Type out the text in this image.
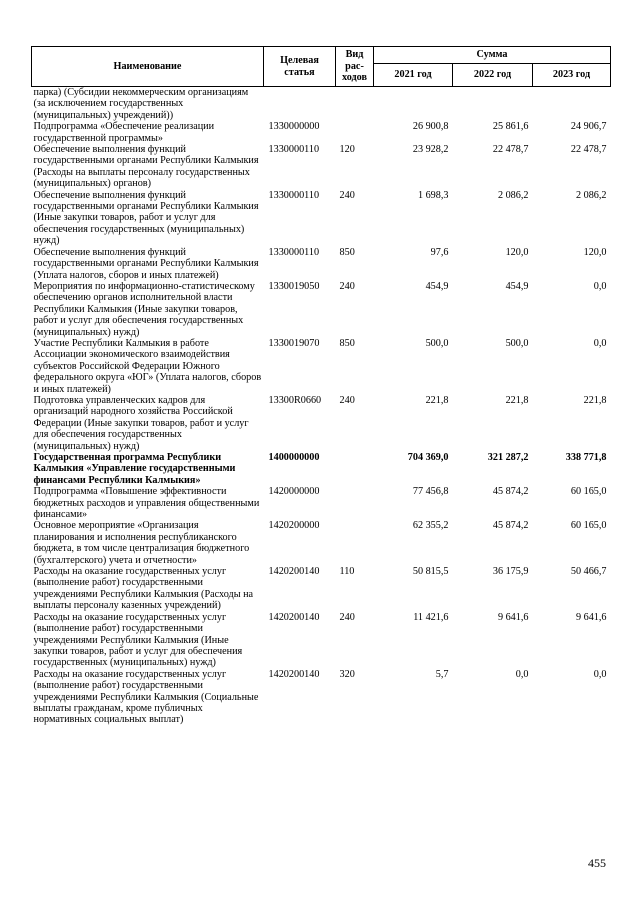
Наименование	Целевая статья	Вид рас-ходов	Сумма		
			2021 год	2022 год	2023 год
парка) (Субсидии некоммерческим организациям (за исключением государственных (муниципальных) учреждений))					
Подпрограмма «Обеспечение реализации государственной программы»	1330000000		26 900,8	25 861,6	24 906,7
Обеспечение выполнения функций государственными органами Республики Калмыкия (Расходы на выплаты персоналу государственных (муниципальных) органов)	1330000110	120	23 928,2	22 478,7	22 478,7
Обеспечение выполнения функций государственными органами Республики Калмыкия (Иные закупки товаров, работ и услуг для обеспечения государственных (муниципальных) нужд)	1330000110	240	1 698,3	2 086,2	2 086,2
Обеспечение выполнения функций государственными органами Республики Калмыкия (Уплата налогов, сборов и иных платежей)	1330000110	850	97,6	120,0	120,0
Мероприятия по информационно-статистическому обеспечению органов исполнительной власти Республики Калмыкия (Иные закупки товаров, работ и услуг для обеспечения государственных (муниципальных) нужд)	1330019050	240	454,9	454,9	0,0
Участие Республики Калмыкия в работе Ассоциации экономического взаимодействия субъектов Российской Федерации Южного федерального округа «ЮГ» (Уплата налогов, сборов и иных платежей)	1330019070	850	500,0	500,0	0,0
Подготовка управленческих кадров для организаций народного хозяйства Российской Федерации (Иные закупки товаров, работ и услуг для обеспечения государственных (муниципальных) нужд)	13300R0660	240	221,8	221,8	221,8
Государственная программа Республики Калмыкия «Управление государственными финансами Республики Калмыкия»	1400000000		704 369,0	321 287,2	338 771,8
Подпрограмма «Повышение эффективности бюджетных расходов и управления общественными финансами»	1420000000		77 456,8	45 874,2	60 165,0
Основное мероприятие «Организация планирования и исполнения республиканского бюджета, в том числе централизация бюджетного (бухгалтерского) учета и отчетности»	1420200000		62 355,2	45 874,2	60 165,0
Расходы на оказание государственных услуг (выполнение работ) государственными учреждениями Республики Калмыкия (Расходы на выплаты персоналу казенных учреждений)	1420200140	110	50 815,5	36 175,9	50 466,7
Расходы на оказание государственных услуг (выполнение работ) государственными учреждениями Республики Калмыкия (Иные закупки товаров, работ и услуг для обеспечения государственных (муниципальных) нужд)	1420200140	240	11 421,6	9 641,6	9 641,6
Расходы на оказание государственных услуг (выполнение работ) государственными учреждениями Республики Калмыкия (Социальные выплаты гражданам, кроме публичных нормативных социальных выплат)	1420200140	320	5,7	0,0	0,0
455
